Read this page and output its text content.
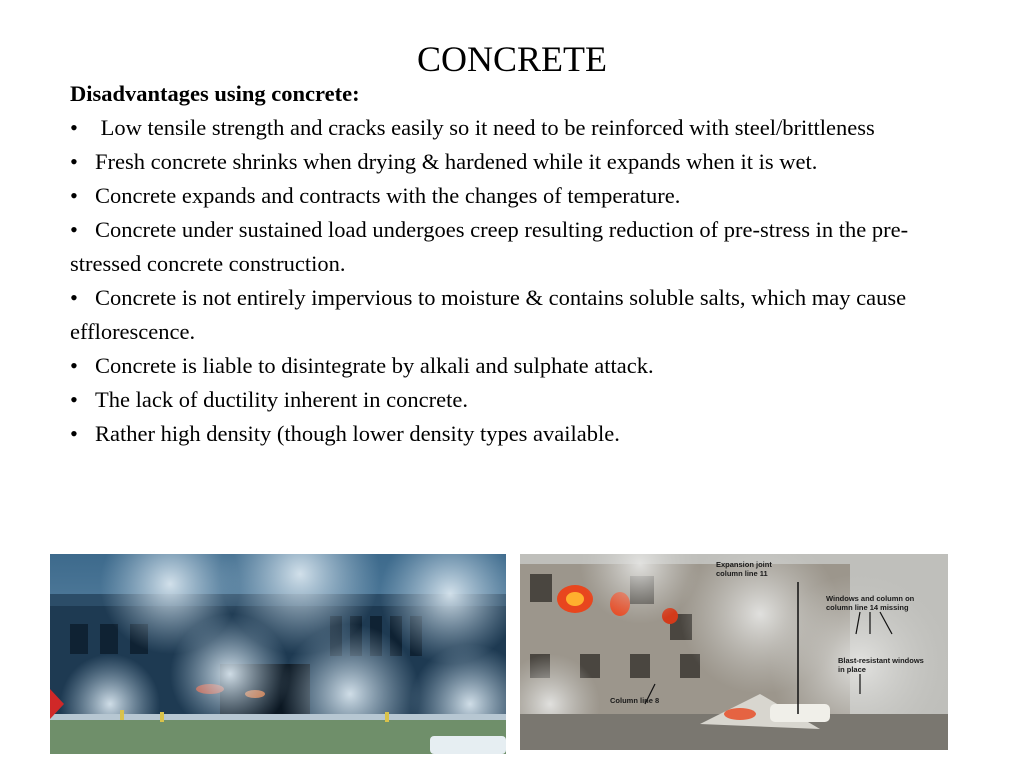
CONCRETE
Disadvantages using concrete:
• Low tensile strength and cracks easily so it need to be reinforced with steel/brittleness
• Fresh concrete shrinks when drying & hardened while it expands when it is wet.
• Concrete expands and contracts with the changes of temperature.
• Concrete under sustained load undergoes creep resulting reduction of pre-stress in the pre-stressed concrete construction.
• Concrete is not entirely impervious to moisture & contains soluble salts, which may cause efflorescence.
• Concrete is liable to disintegrate by alkali and sulphate attack.
• The lack of ductility inherent in concrete.
• Rather high density (though lower density types available.
Expansion joint column line 11
Windows and column on column line 14 missing
Blast-resistant windows in place
Column line 8
